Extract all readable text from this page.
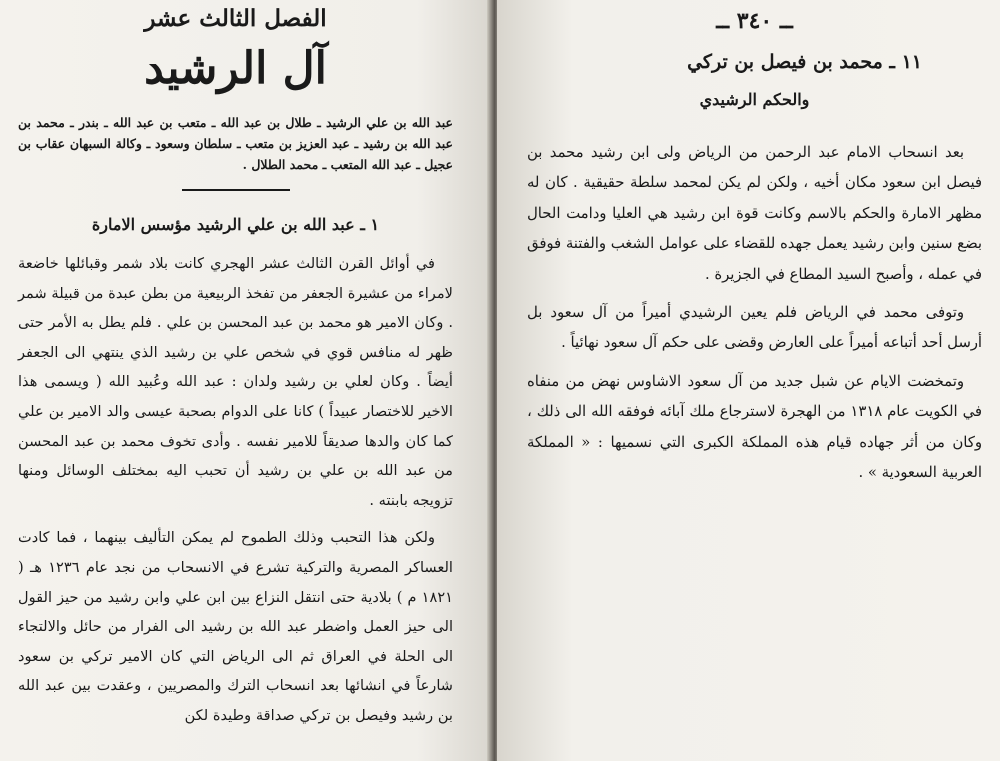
الفصل الثالث عشر
آل الرشيد

عبد الله بن علي الرشيد ـ طلال بن عبد الله ـ متعب بن عبد الله ـ بندر ـ محمد بن عبد الله بن رشيد ـ عبد العزيز بن متعب ـ سلطان وسعود ـ وكالة السبهان عقاب بن عجيل ـ عبد الله المتعب ـ محمد الطلال .

١ ـ عبد الله بن علي الرشيد مؤسس الامارة

في أوائل القرن الثالث عشر الهجري كانت بلاد شمر وقبائلها خاضعة لامراء من عشيرة الجعفر من تفخذ الربيعية من بطن عبدة من قبيلة شمر . وكان الامير هو محمد بن عبد المحسن بن علي . فلم يطل به الأمر حتى ظهر له منافس قوي في شخص علي بن رشيد الذي ينتهي الى الجعفر أيضاً . وكان لعلي بن رشيد ولدان : عبد الله وعُبيد الله ( ويسمى هذا الاخير للاختصار عبيداً ) كانا على الدوام بصحبة عيسى والد الامير بن علي كما كان والدها صديقاً للامير نفسه . وأدى تخوف محمد بن عبد المحسن من عبد الله بن علي بن رشيد أن تحبب اليه بمختلف الوسائل ومنها تزويجه بابنته .

ولكن هذا التحبب وذلك الطموح لم يمكن التأليف بينهما ، فما كادت العساكر المصرية والتركية تشرع في الانسحاب من نجد عام ١٢٣٦ هـ ( ١٨٢١ م ) بلادية حتى انتقل النزاع بين ابن علي وابن رشيد من حيز القول الى حيز العمل واضطر عبد الله بن رشيد الى الفرار من حائل والالتجاء الى الحلة في العراق ثم الى الرياض التي كان الامير تركي بن سعود شارعاً في انشائها بعد انسحاب الترك والمصريين ، وعقدت بين عبد الله بن رشيد وفيصل بن تركي صداقة وطيدة لكن

ــ ٣٤٠ ــ
١١ ـ محمد بن فيصل بن تركي
والحكم الرشيدي

بعد انسحاب الامام عبد الرحمن من الرياض ولى ابن رشيد محمد بن فيصل ابن سعود مكان أخيه ، ولكن لم يكن لمحمد سلطة حقيقية . كان له مظهر الامارة والحكم بالاسم وكانت قوة ابن رشيد هي العليا ودامت الحال بضع سنين وابن رشيد يعمل جهده للقضاء على عوامل الشغب والفتنة فوفق في عمله ، وأصبح السيد المطاع في الجزيرة .

وتوفى محمد في الرياض فلم يعين الرشيدي أميراً من آل سعود بل أرسل أحد أتباعه أميراً على العارض وقضى على حكم آل سعود نهائياً .

وتمخضت الايام عن شبل جديد من آل سعود الاشاوس نهض من منفاه في الكويت عام ١٣١٨ من الهجرة لاسترجاع ملك آبائه فوفقه الله الى ذلك ، وكان من أثر جهاده قيام هذه المملكة الكبرى التي نسميها : « المملكة العربية السعودية » .
